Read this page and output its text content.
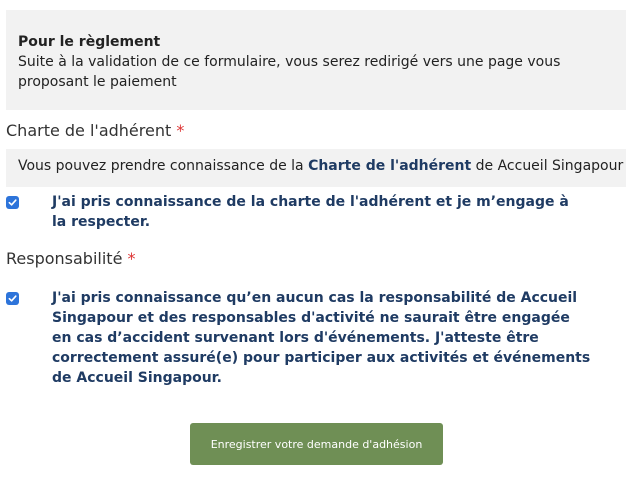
Pour le règlement
Suite à la validation de ce formulaire, vous serez redirigé vers une page vous proposant le paiement
Charte de l'adhérent *
Vous pouvez prendre connaissance de la Charte de l'adhérent de Accueil Singapour
J'ai pris connaissance de la charte de l'adhérent et je m’engage à la respecter.
Responsabilité *
J'ai pris connaissance qu’en aucun cas la responsabilité de Accueil Singapour et des responsables d'activité ne saurait être engagée en cas d’accident survenant lors d'événements. J'atteste être correctement assuré(e) pour participer aux activités et événements de Accueil Singapour.
Enregistrer votre demande d'adhésion
